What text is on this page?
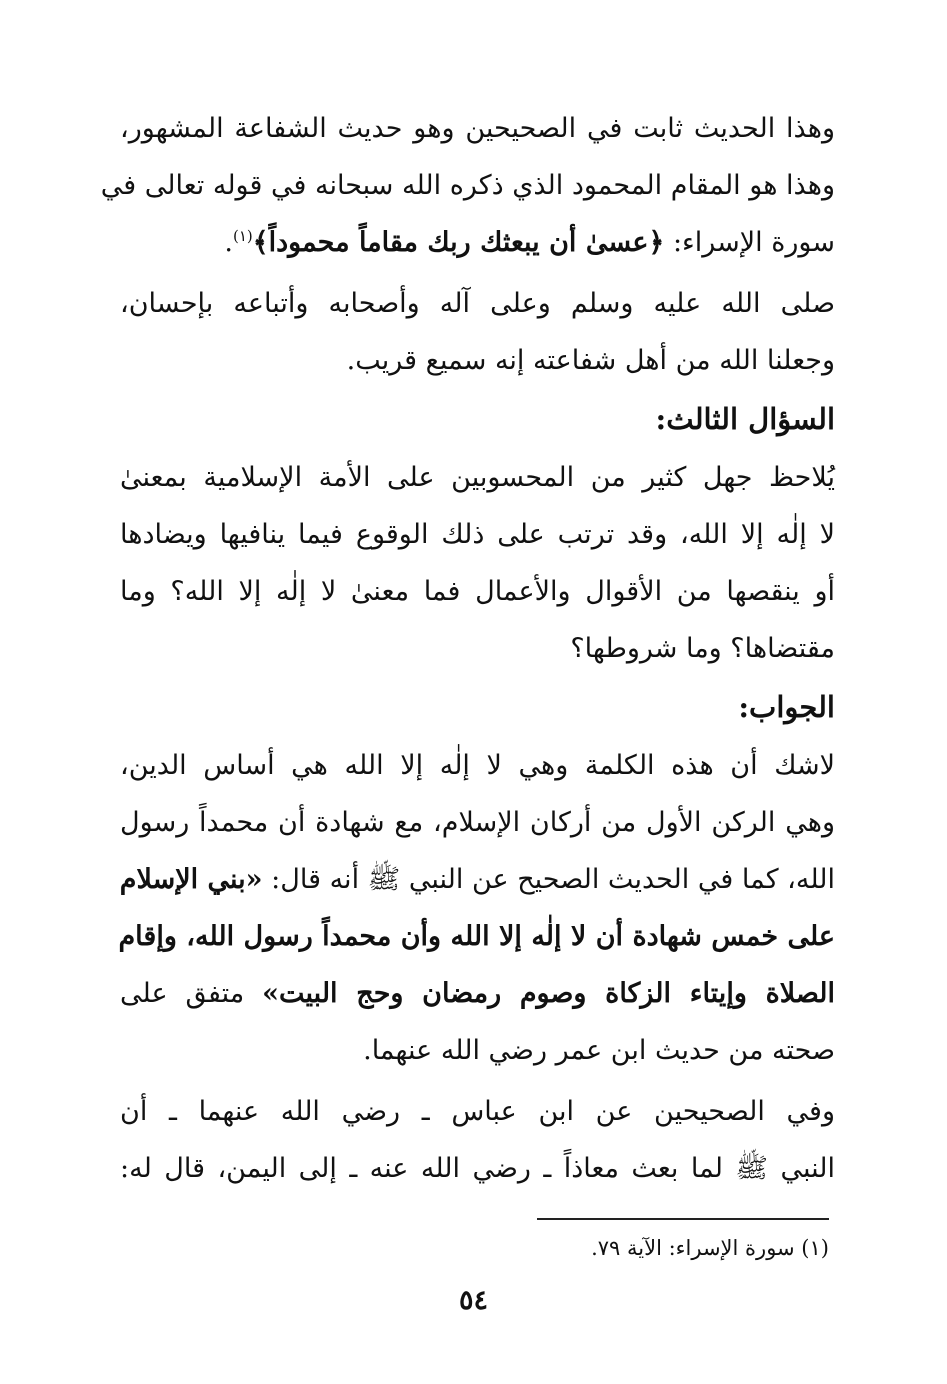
وهذا الحديث ثابت في الصحيحين وهو حديث الشفاعة المشهور،
وهذا هو المقام المحمود الذي ذكره الله سبحانه في قوله تعالى في
سورة الإسراء: ﴿عسىٰ أن يبعثك ربك مقاماً محموداً﴾$^{(١)}$.

صلى الله عليه وسلم وعلى آله وأصحابه وأتباعه بإحسان،
وجعلنا الله من أهل شفاعته إنه سميع قريب.

السؤال الثالث:

يُلاحظ جهل كثير من المحسوبين على الأمة الإسلامية بمعنىٰ
لا إلٰه إلا الله، وقد ترتب على ذلك الوقوع فيما ينافيها ويضادها
أو ينقصها من الأقوال والأعمال فما معنىٰ لا إلٰه إلا الله؟ وما
مقتضاها؟ وما شروطها؟

الجواب:

لاشك أن هذه الكلمة وهي لا إلٰه إلا الله هي أساس الدين،
وهي الركن الأول من أركان الإسلام، مع شهادة أن محمداً رسول
الله، كما في الحديث الصحيح عن النبي ﷺ أنه قال: «بني الإسلام
على خمس شهادة أن لا إلٰه إلا الله وأن محمداً رسول الله، وإقام
الصلاة وإيتاء الزكاة وصوم رمضان وحج البيت» متفق على
صحته من حديث ابن عمر رضي الله عنهما.

وفي الصحيحين عن ابن عباس ـ رضي الله عنهما ـ أن
النبي ﷺ لما بعث معاذاً ـ رضي الله عنه ـ إلى اليمن، قال له:

(١) سورة الإسراء: الآية ٧٩.
٥٤
